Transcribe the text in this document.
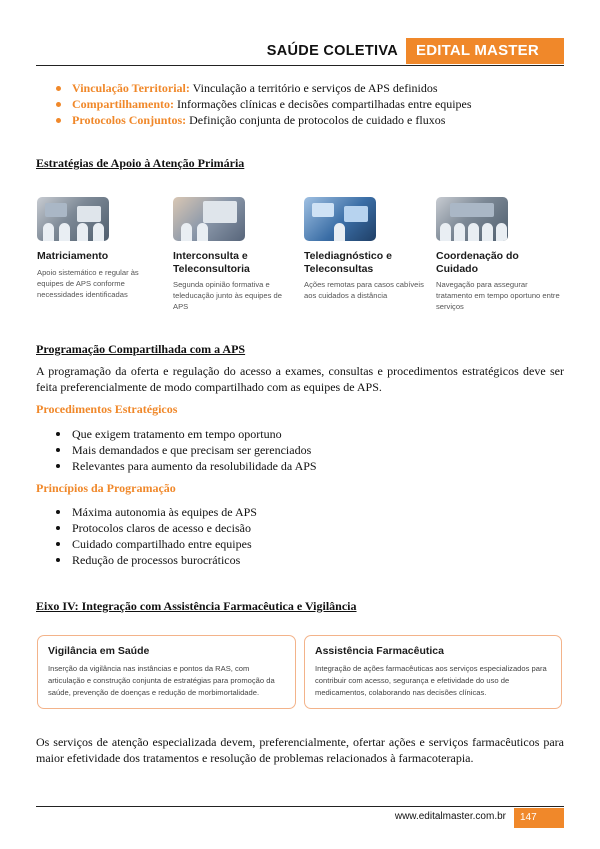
SAÚDE COLETIVA	EDITAL MASTER
Vinculação Territorial: Vinculação a território e serviços de APS definidos
Compartilhamento: Informações clínicas e decisões compartilhadas entre equipes
Protocolos Conjuntos: Definição conjunta de protocolos de cuidado e fluxos
Estratégias de Apoio à Atenção Primária
Matriciamento

Apoio sistemático e regular às equipes de APS conforme necessidades identificadas

Interconsulta e Teleconsultoria

Segunda opinião formativa e teleducação junto às equipes de APS

Telediagnóstico e Teleconsultas

Ações remotas para casos cabíveis aos cuidados a distância

Coordenação do Cuidado

Navegação para assegurar tratamento em tempo oportuno entre serviços

Programação Compartilhada com a APS

A programação da oferta e regulação do acesso a exames, consultas e procedimentos estratégicos deve ser feita preferencialmente de modo compartilhado com as equipes de APS.

Procedimentos Estratégicos
Que exigem tratamento em tempo oportuno
Mais demandados e que precisam ser gerenciados
Relevantes para aumento da resolubilidade da APS
Princípios da Programação
Máxima autonomia às equipes de APS
Protocolos claros de acesso e decisão
Cuidado compartilhado entre equipes
Redução de processos burocráticos
Eixo IV: Integração com Assistência Farmacêutica e Vigilância
Vigilância em Saúde

Inserção da vigilância nas instâncias e pontos da RAS, com articulação e construção conjunta de estratégias para promoção da saúde, prevenção de doenças e redução de morbimortalidade.

Assistência Farmacêutica

Integração de ações farmacêuticas aos serviços especializados para contribuir com acesso, segurança e efetividade do uso de medicamentos, colaborando nas decisões clínicas.

Os serviços de atenção especializada devem, preferencialmente, ofertar ações e serviços farmacêuticos para maior efetividade dos tratamentos e resolução de problemas relacionados à farmacoterapia.

www.editalmaster.com.br	147
